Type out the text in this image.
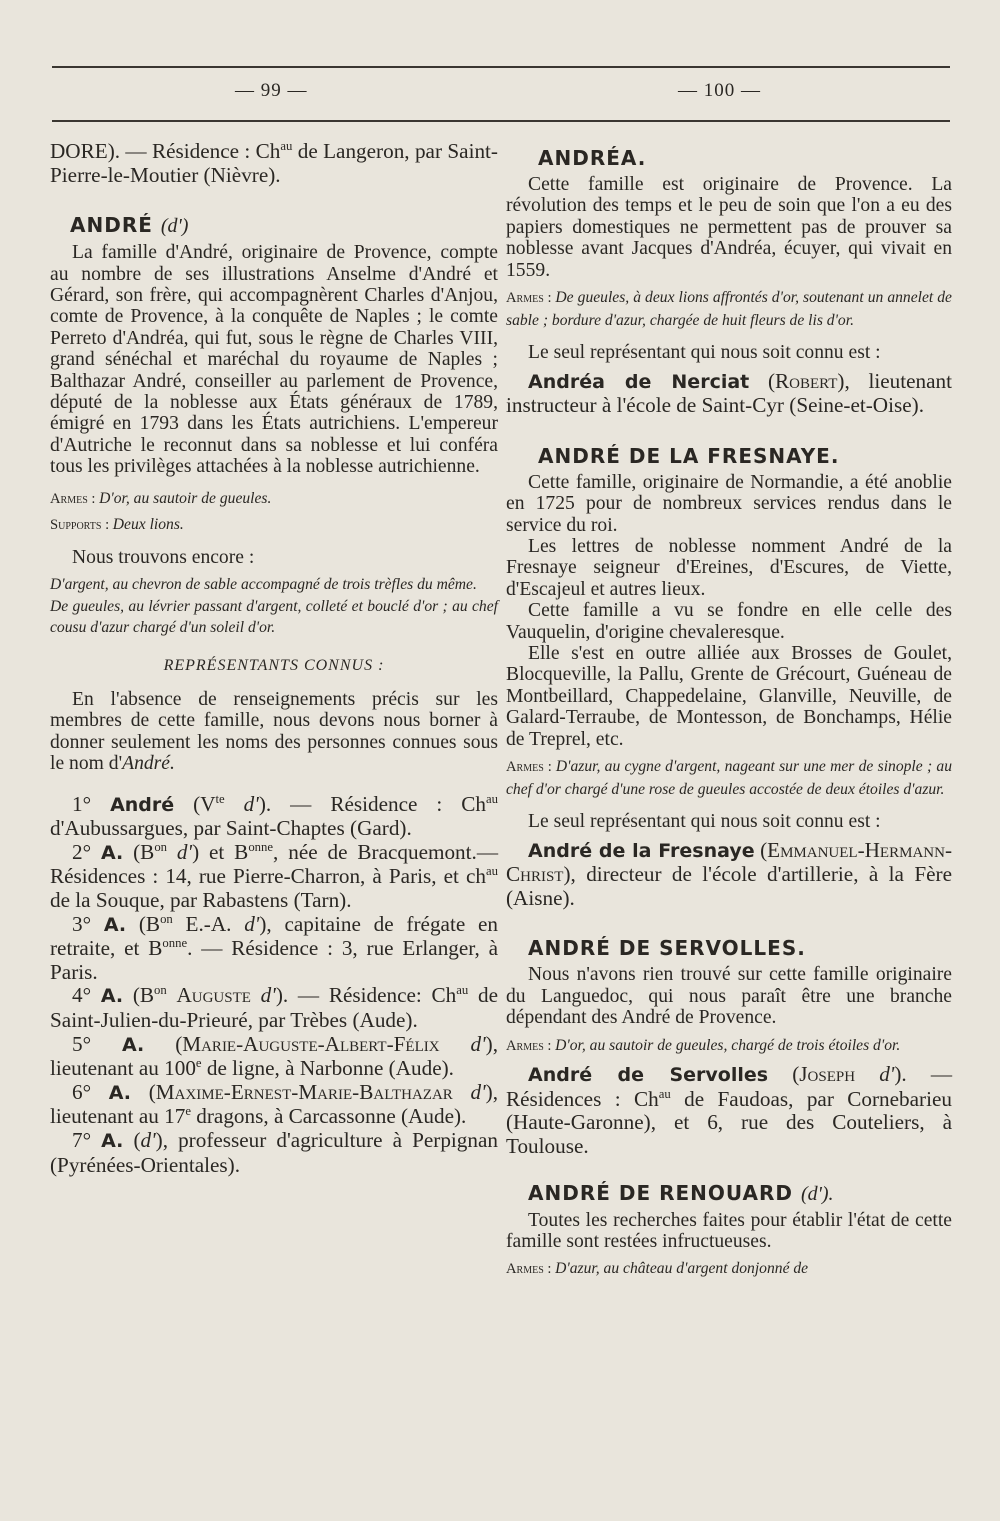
— 99 —	— 100 —

DORE). — Résidence : $Ch^{au}$ de Langeron, par Saint-Pierre-le-Moutier (Nièvre).

ANDRÉ (d')

La famille d'André, originaire de Provence, compte au nombre de ses illustrations Anselme d'André et Gérard, son frère, qui accompagnèrent Charles d'Anjou, comte de Provence, à la conquête de Naples ; le comte Perreto d'Andréa, qui fut, sous le règne de Charles VIII, grand sénéchal et maréchal du royaume de Naples ; Balthazar André, conseiller au parlement de Provence, député de la noblesse aux États généraux de 1789, émigré en 1793 dans les États autrichiens. L'empereur d'Autriche le reconnut dans sa noblesse et lui conféra tous les privilèges attachées à la noblesse autrichienne.

Armes : D'or, au sautoir de gueules.

Supports : Deux lions.

Nous trouvons encore :

D'argent, au chevron de sable accompagné de trois trèfles du même.

De gueules, au lévrier passant d'argent, colleté et bouclé d'or ; au chef cousu d'azur chargé d'un soleil d'or.

REPRÉSENTANTS CONNUS :

En l'absence de renseignements précis sur les membres de cette famille, nous devons nous borner à donner seulement les noms des personnes connues sous le nom d'André.

1° André ($V^{te}$ d'). — Résidence : $Ch^{au}$ d'Aubussargues, par Saint-Chaptes (Gard).

2° A. ($B^{on}$ d') et $B^{onne}$, née de Bracquemont.— Résidences : 14, rue Pierre-Charron, à Paris, et $ch^{au}$ de la Souque, par Rabastens (Tarn).

3° A. ($B^{on}$ E.-A. d'), capitaine de frégate en retraite, et $B^{onne}$. — Résidence : 3, rue Erlanger, à Paris.

4° A. ($B^{on}$ Auguste d'). — Résidence: $Ch^{au}$ de Saint-Julien-du-Prieuré, par Trèbes (Aude).

5° A. (Marie-Auguste-Albert-Félix d'), lieutenant au 100e de ligne, à Narbonne (Aude).

6° A. (Maxime-Ernest-Marie-Balthazar d'), lieutenant au 17e dragons, à Carcassonne (Aude).

7° A. (d'), professeur d'agriculture à Perpignan (Pyrénées-Orientales).

ANDRÉA.

Cette famille est originaire de Provence. La révolution des temps et le peu de soin que l'on a eu des papiers domestiques ne permettent pas de prouver sa noblesse avant Jacques d'Andréa, écuyer, qui vivait en 1559.

Armes : De gueules, à deux lions affrontés d'or, soutenant un annelet de sable ; bordure d'azur, chargée de huit fleurs de lis d'or.

Le seul représentant qui nous soit connu est :

Andréa de Nerciat (Robert), lieutenant instructeur à l'école de Saint-Cyr (Seine-et-Oise).

ANDRÉ DE LA FRESNAYE.

Cette famille, originaire de Normandie, a été anoblie en 1725 pour de nombreux services rendus dans le service du roi.

Les lettres de noblesse nomment André de la Fresnaye seigneur d'Ereines, d'Escures, de Viette, d'Escajeul et autres lieux.

Cette famille a vu se fondre en elle celle des Vauquelin, d'origine chevaleresque.

Elle s'est en outre alliée aux Brosses de Goulet, Blocqueville, la Pallu, Grente de Grécourt, Guéneau de Montbeillard, Chappedelaine, Glanville, Neuville, de Galard-Terraube, de Montesson, de Bonchamps, Hélie de Treprel, etc.

Armes : D'azur, au cygne d'argent, nageant sur une mer de sinople ; au chef d'or chargé d'une rose de gueules accostée de deux étoiles d'azur.

Le seul représentant qui nous soit connu est :

André de la Fresnaye (Emmanuel-Hermann-Christ), directeur de l'école d'artillerie, à la Fère (Aisne).

ANDRÉ DE SERVOLLES.

Nous n'avons rien trouvé sur cette famille originaire du Languedoc, qui nous paraît être une branche dépendant des André de Provence.

Armes : D'or, au sautoir de gueules, chargé de trois étoiles d'or.

André de Servolles (Joseph d'). — Résidences : $Ch^{au}$ de Faudoas, par Cornebarieu (Haute-Garonne), et 6, rue des Couteliers, à Toulouse.

ANDRÉ DE RENOUARD (d').

Toutes les recherches faites pour établir l'état de cette famille sont restées infructueuses.

Armes : D'azur, au château d'argent donjonné de
